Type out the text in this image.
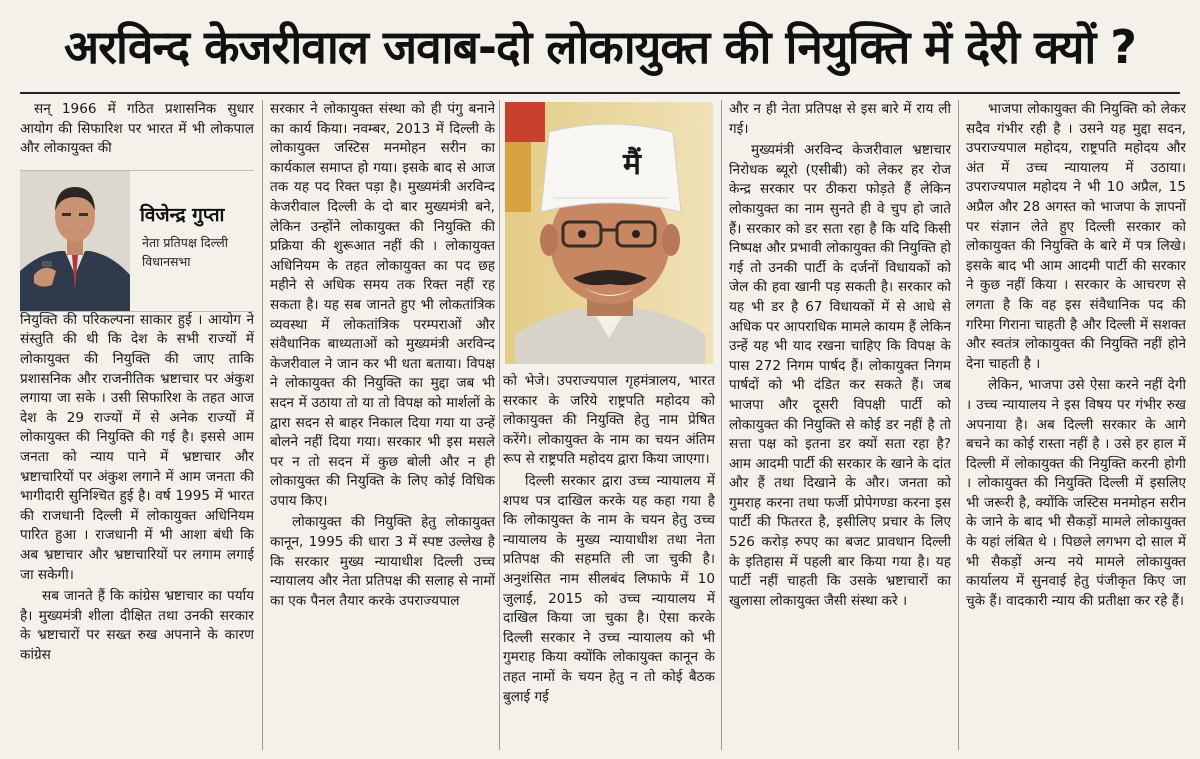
अरविन्द केजरीवाल जवाब-दो लोकायुक्त की नियुक्ति में देरी क्यों ?

सन् 1966 में गठित प्रशासनिक सुधार आयोग की सिफारिश पर भारत में भी लोकपाल और लोकायुक्त की

नियुक्ति की परिकल्पना साकार हुई । आयोग ने संस्तुति की थी कि देश के सभी राज्यों में लोकायुक्त की नियुक्ति की जाए ताकि प्रशासनिक और राजनीतिक भ्रष्टाचार पर अंकुश लगाया जा सके । उसी सिफारिश के तहत आज देश के 29 राज्यों में से अनेक राज्यों में लोकायुक्त की नियुक्ति की गई है। इससे आम जनता को न्याय पाने में भ्रष्टाचार और भ्रष्टाचारियों पर अंकुश लगाने में आम जनता की भागीदारी सुनिश्चित हुई है। वर्ष 1995 में भारत की राजधानी दिल्ली में लोकायुक्त अधिनियम पारित हुआ । राजधानी में भी आशा बंधी कि अब भ्रष्टाचार और भ्रष्टाचारियों पर लगाम लगाई जा सकेगी।

सब जानते हैं कि कांग्रेस भ्रष्टाचार का पर्याय है। मुख्यमंत्री शीला दीक्षित तथा उनकी सरकार के भ्रष्टाचारों पर सख्त रुख अपनाने के कारण कांग्रेस

विजेन्द्र गुप्ता
नेता प्रतिपक्ष दिल्ली विधानसभा

सरकार ने लोकायुक्त संस्था को ही पंगु बनाने का कार्य किया। नवम्बर, 2013 में दिल्ली के लोकायुक्त जस्टिस मनमोहन सरीन का कार्यकाल समाप्त हो गया। इसके बाद से आज तक यह पद रिक्त पड़ा है। मुख्यमंत्री अरविन्द केजरीवाल दिल्ली के दो बार मुख्यमंत्री बने, लेकिन उन्होंने लोकायुक्त की नियुक्ति की प्रक्रिया की शुरूआत नहीं की । लोकायुक्त अधिनियम के तहत लोकायुक्त का पद छह महीने से अधिक समय तक रिक्त नहीं रह सकता है। यह सब जानते हुए भी लोकतांत्रिक व्यवस्था में लोकतांत्रिक परम्पराओं और संवैधानिक बाध्यताओं को मुख्यमंत्री अरविन्द केजरीवाल ने जान कर भी धता बताया। विपक्ष ने लोकायुक्त की नियुक्ति का मुद्दा जब भी सदन में उठाया तो या तो विपक्ष को मार्शलों के द्वारा सदन से बाहर निकाल दिया गया या उन्हें बोलने नहीं दिया गया। सरकार भी इस मसले पर न तो सदन में कुछ बोली और न ही लोकायुक्त की नियुक्ति के लिए कोई विधिक उपाय किए।

लोकायुक्त की नियुक्ति हेतु लोकायुक्त कानून, 1995 की धारा 3 में स्पष्ट उल्लेख है कि सरकार मुख्य न्यायाधीश दिल्ली उच्च न्यायालय और नेता प्रतिपक्ष की सलाह से नामों का एक पैनल तैयार करके उपराज्यपाल

मैं

को भेजे। उपराज्यपाल गृहमंत्रालय, भारत सरकार के जरिये राष्ट्रपति महोदय को लोकायुक्त की नियुक्ति हेतु नाम प्रेषित करेंगे। लोकायुक्त के नाम का चयन अंतिम रूप से राष्ट्रपति महोदय द्वारा किया जाएगा।

दिल्ली सरकार द्वारा उच्च न्यायालय में शपथ पत्र दाखिल करके यह कहा गया है कि लोकायुक्त के नाम के चयन हेतु उच्च न्यायालय के मुख्य न्यायाधीश तथा नेता प्रतिपक्ष की सहमति ली जा चुकी है। अनुशंसित नाम सीलबंद लिफाफे में 10 जुलाई, 2015 को उच्च न्यायालय में दाखिल किया जा चुका है। ऐसा करके दिल्ली सरकार ने उच्च न्यायालय को भी गुमराह किया क्योंकि लोकायुक्त कानून के तहत नामों के चयन हेतु न तो कोई बैठक बुलाई गई

और न ही नेता प्रतिपक्ष से इस बारे में राय ली गई।

मुख्यमंत्री अरविन्द केजरीवाल भ्रष्टाचार निरोधक ब्यूरो (एसीबी) को लेकर हर रोज केन्द्र सरकार पर ठीकरा फोड़ते हैं लेकिन लोकायुक्त का नाम सुनते ही वे चुप हो जाते हैं। सरकार को डर सता रहा है कि यदि किसी निष्पक्ष और प्रभावी लोकायुक्त की नियुक्ति हो गई तो उनकी पार्टी के दर्जनों विधायकों को जेल की हवा खानी पड़ सकती है। सरकार को यह भी डर है 67 विधायकों में से आधे से अधिक पर आपराधिक मामले कायम हैं लेकिन उन्हें यह भी याद रखना चाहिए कि विपक्ष के पास 272 निगम पार्षद हैं। लोकायुक्त निगम पार्षदों को भी दंडित कर सकते हैं। जब भाजपा और दूसरी विपक्षी पार्टी को लोकायुक्त की नियुक्ति से कोई डर नहीं है तो सत्ता पक्ष को इतना डर क्यों सता रहा है? आम आदमी पार्टी की सरकार के खाने के दांत और हैं तथा दिखाने के और। जनता को गुमराह करना तथा फर्जी प्रोपेगण्डा करना इस पार्टी की फितरत है, इसीलिए प्रचार के लिए 526 करोड़ रुपए का बजट प्रावधान दिल्ली के इतिहास में पहली बार किया गया है। यह पार्टी नहीं चाहती कि उसके भ्रष्टाचारों का खुलासा लोकायुक्त जैसी संस्था करे ।

भाजपा लोकायुक्त की नियुक्ति को लेकर सदैव गंभीर रही है । उसने यह मुद्दा सदन, उपराज्यपाल महोदय, राष्ट्रपति महोदय और अंत में उच्च न्यायालय में उठाया। उपराज्यपाल महोदय ने भी 10 अप्रैल, 15 अप्रैल और 28 अगस्त को भाजपा के ज्ञापनों पर संज्ञान लेते हुए दिल्ली सरकार को लोकायुक्त की नियुक्ति के बारे में पत्र लिखे। इसके बाद भी आम आदमी पार्टी की सरकार ने कुछ नहीं किया । सरकार के आचरण से लगता है कि वह इस संवैधानिक पद की गरिमा गिराना चाहती है और दिल्ली में सशक्त और स्वतंत्र लोकायुक्त की नियुक्ति नहीं होने देना चाहती है ।

लेकिन, भाजपा उसे ऐसा करने नहीं देगी । उच्च न्यायालय ने इस विषय पर गंभीर रुख अपनाया है। अब दिल्ली सरकार के आगे बचने का कोई रास्ता नहीं है । उसे हर हाल में दिल्ली में लोकायुक्त की नियुक्ति करनी होगी । लोकायुक्त की नियुक्ति दिल्ली में इसलिए भी जरूरी है, क्योंकि जस्टिस मनमोहन सरीन के जाने के बाद भी सैकड़ों मामले लोकायुक्त के यहां लंबित थे । पिछले लगभग दो साल में भी सैकड़ों अन्य नये मामले लोकायुक्त कार्यालय में सुनवाई हेतु पंजीकृत किए जा चुके हैं। वादकारी न्याय की प्रतीक्षा कर रहे हैं।
